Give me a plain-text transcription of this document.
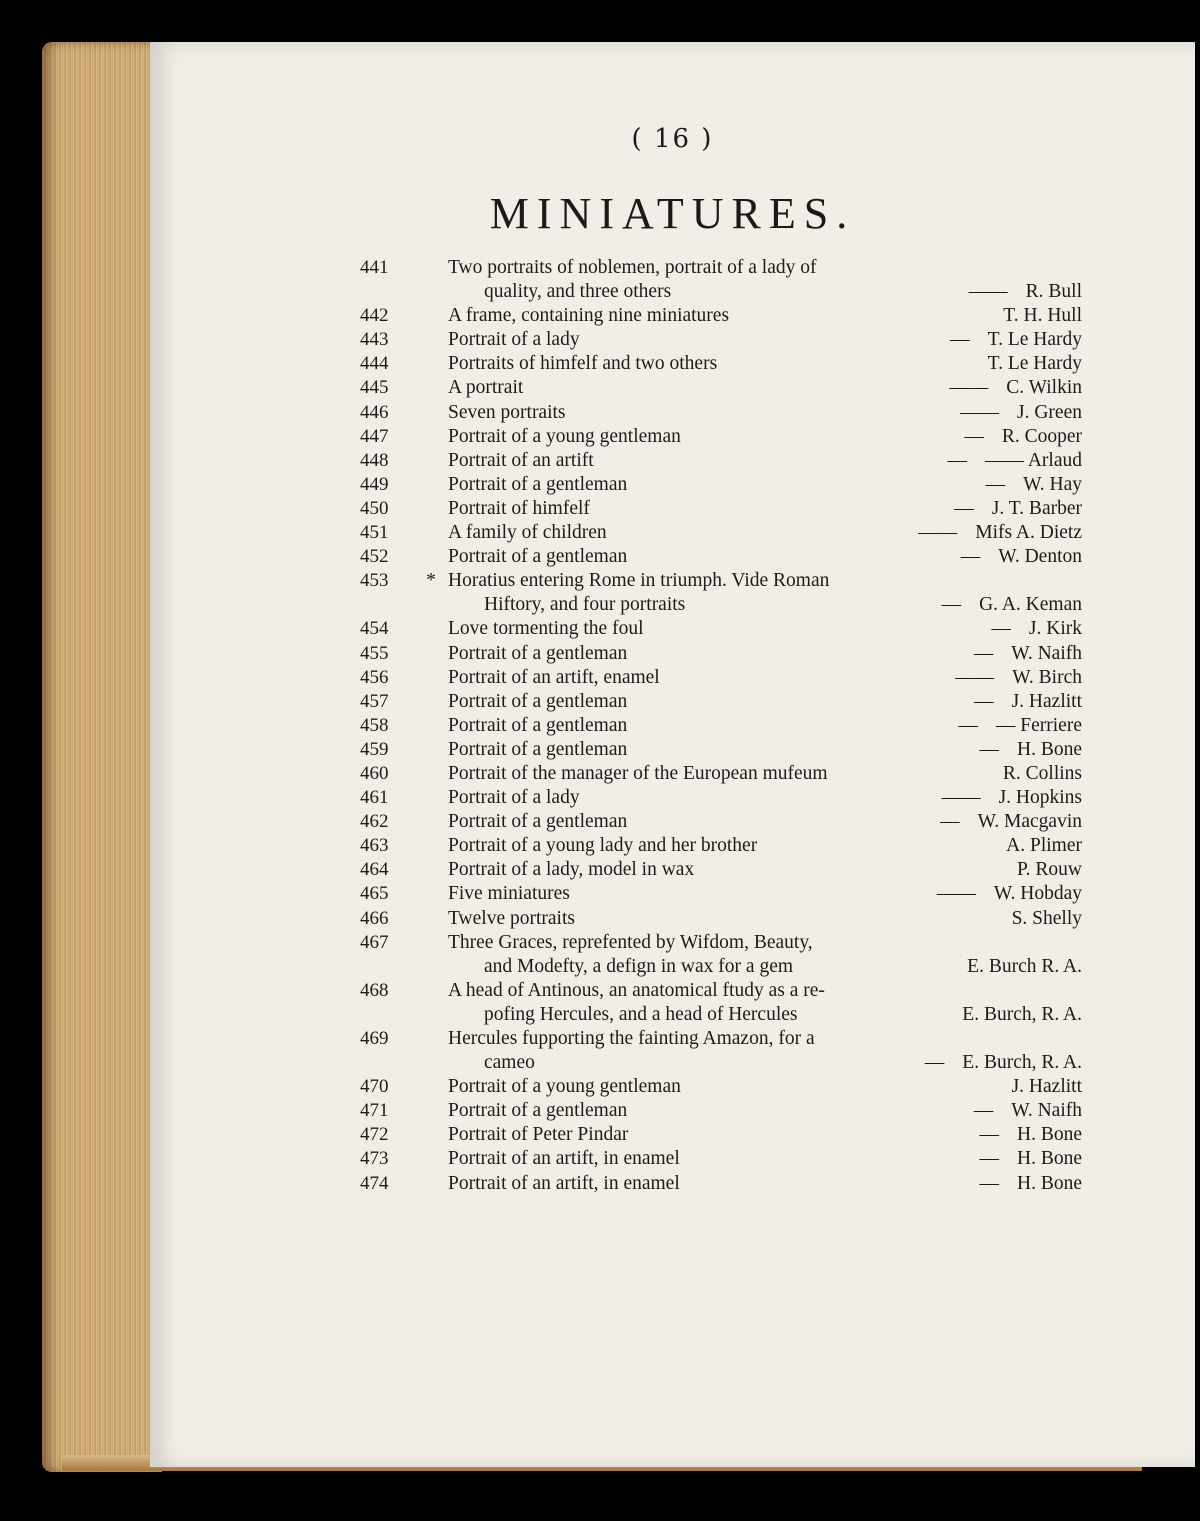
( 16 )
MINIATURES.
441	Two portraits of noblemen, portrait of a lady of
quality, and three others	—— R. Bull
442	A frame, containing nine miniatures	T. H. Hull
443	Portrait of a lady	— T. Le Hardy
444	Portraits of himfelf and two others	T. Le Hardy
445	A portrait	—— C. Wilkin
446	Seven portraits	—— J. Green
447	Portrait of a young gentleman	— R. Cooper
448	Portrait of an artift	— —— Arlaud
449	Portrait of a gentleman	— W. Hay
450	Portrait of himfelf	— J. T. Barber
451	A family of children	—— Mifs A. Dietz
452	Portrait of a gentleman	— W. Denton
453	* Horatius entering Rome in triumph. Vide Roman
Hiftory, and four portraits	— G. A. Keman
454	Love tormenting the foul	— J. Kirk
455	Portrait of a gentleman	— W. Naifh
456	Portrait of an artift, enamel	—— W. Birch
457	Portrait of a gentleman	— J. Hazlitt
458	Portrait of a gentleman	— — Ferriere
459	Portrait of a gentleman	— H. Bone
460	Portrait of the manager of the European mufeum	R. Collins
461	Portrait of a lady	—— J. Hopkins
462	Portrait of a gentleman	— W. Macgavin
463	Portrait of a young lady and her brother	A. Plimer
464	Portrait of a lady, model in wax	P. Rouw
465	Five miniatures	—— W. Hobday
466	Twelve portraits	S. Shelly
467	Three Graces, reprefented by Wifdom, Beauty,
and Modefty, a defign in wax for a gem	E. Burch R. A.
468	A head of Antinous, an anatomical ftudy as a re-
pofing Hercules, and a head of Hercules	E. Burch, R. A.
469	Hercules fupporting the fainting Amazon, for a
cameo	— E. Burch, R. A.
470	Portrait of a young gentleman	J. Hazlitt
471	Portrait of a gentleman	— W. Naifh
472	Portrait of Peter Pindar	— H. Bone
473	Portrait of an artift, in enamel	— H. Bone
474	Portrait of an artift, in enamel	— H. Bone
